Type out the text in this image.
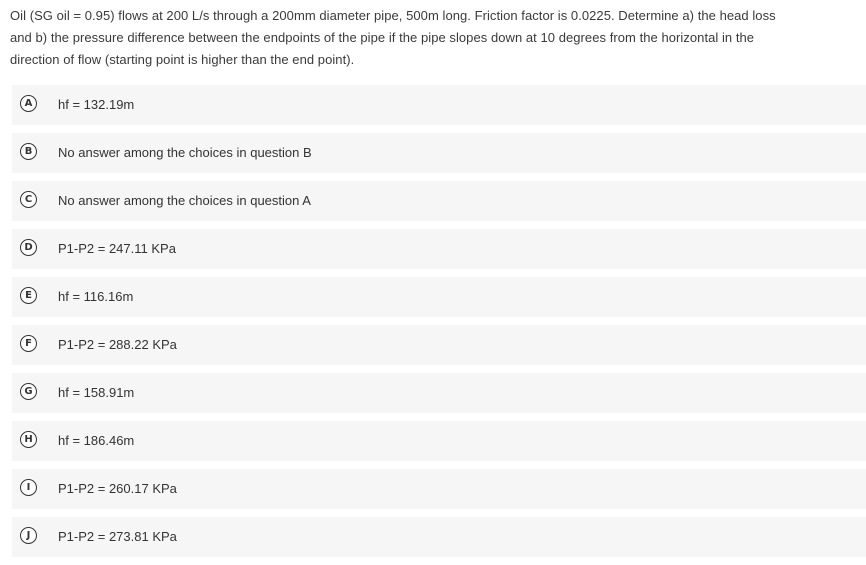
Oil (SG oil = 0.95) flows at 200 L/s through a 200mm diameter pipe, 500m long. Friction factor is 0.0225. Determine a) the head loss
and b) the pressure difference between the endpoints of the pipe if the pipe slopes down at 10 degrees from the horizontal in the
direction of flow (starting point is higher than the end point).
A	hf = 132.19m
B	No answer among the choices in question B
C	No answer among the choices in question A
D	P1-P2 = 247.11 KPa
E	hf = 116.16m
F	P1-P2 = 288.22 KPa
G	hf = 158.91m
H	hf = 186.46m
I	P1-P2 = 260.17 KPa
J	P1-P2 = 273.81 KPa
